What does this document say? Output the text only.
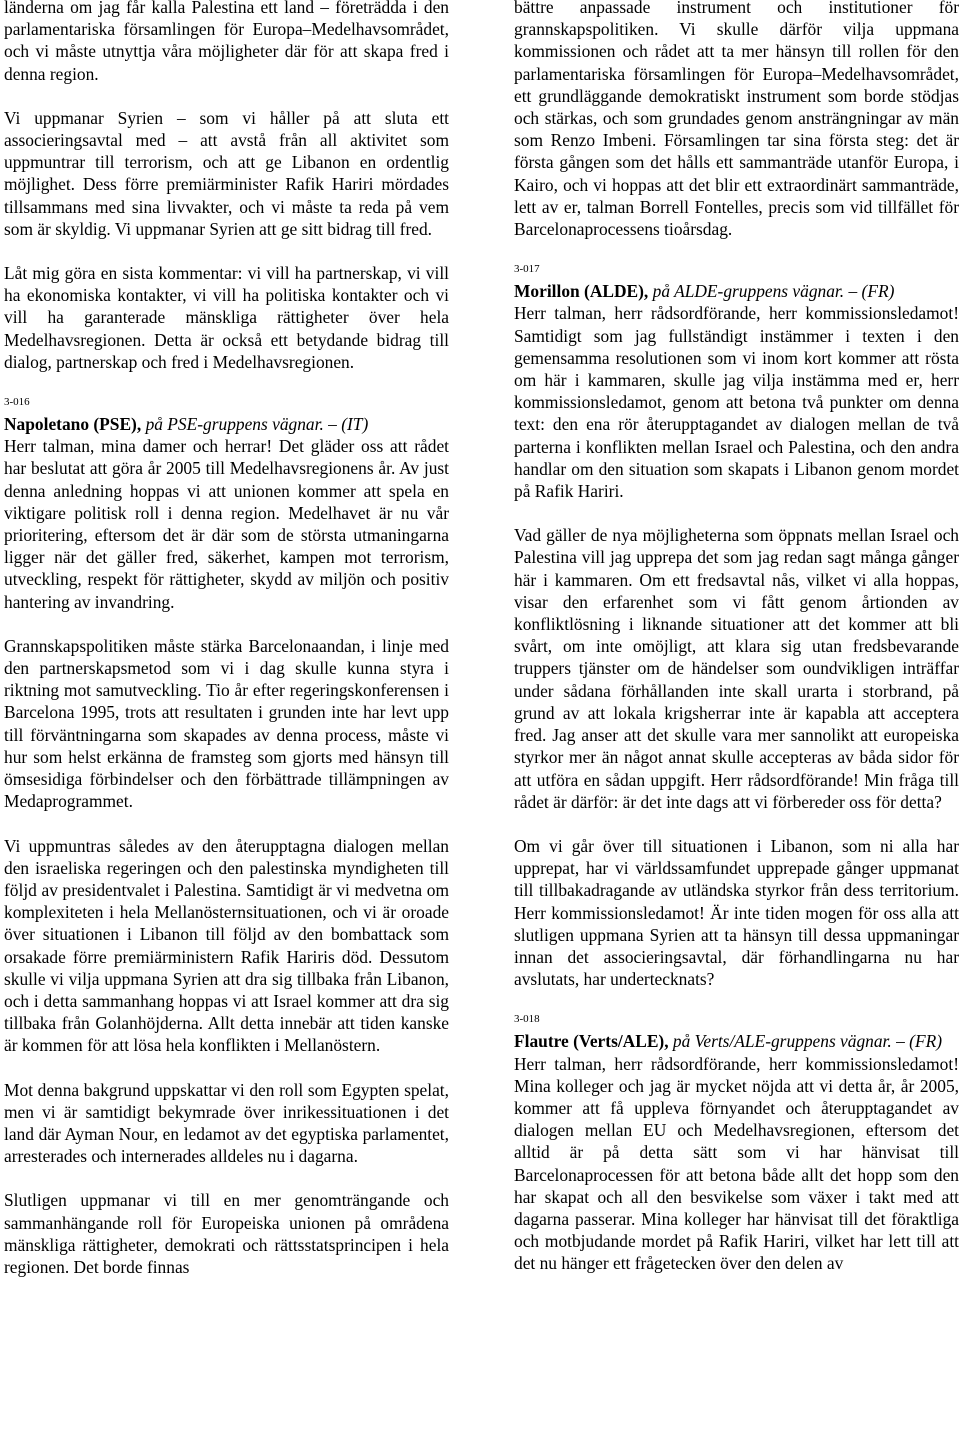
länderna om jag får kalla Palestina ett land – företrädda i den parlamentariska församlingen för Europa–Medelhavsområdet, och vi måste utnyttja våra möjligheter där för att skapa fred i denna region.

Vi uppmanar Syrien – som vi håller på att sluta ett associeringsavtal med – att avstå från all aktivitet som uppmuntrar till terrorism, och att ge Libanon en ordentlig möjlighet. Dess förre premiärminister Rafik Hariri mördades tillsammans med sina livvakter, och vi måste ta reda på vem som är skyldig. Vi uppmanar Syrien att ge sitt bidrag till fred.

Låt mig göra en sista kommentar: vi vill ha partnerskap, vi vill ha ekonomiska kontakter, vi vill ha politiska kontakter och vi vill ha garanterade mänskliga rättigheter över hela Medelhavsregionen. Detta är också ett betydande bidrag till dialog, partnerskap och fred i Medelhavsregionen.

3-016

Napoletano (PSE), på PSE-gruppens vägnar. – (IT)

Herr talman, mina damer och herrar! Det gläder oss att rådet har beslutat att göra år 2005 till Medelhavsregionens år. Av just denna anledning hoppas vi att unionen kommer att spela en viktigare politisk roll i denna region. Medelhavet är nu vår prioritering, eftersom det är där som de största utmaningarna ligger när det gäller fred, säkerhet, kampen mot terrorism, utveckling, respekt för rättigheter, skydd av miljön och positiv hantering av invandring.

Grannskapspolitiken måste stärka Barcelonaandan, i linje med den partnerskapsmetod som vi i dag skulle kunna styra i riktning mot samutveckling. Tio år efter regeringskonferensen i Barcelona 1995, trots att resultaten i grunden inte har levt upp till förväntningarna som skapades av denna process, måste vi hur som helst erkänna de framsteg som gjorts med hänsyn till ömsesidiga förbindelser och den förbättrade tillämpningen av Medaprogrammet.

Vi uppmuntras således av den återupptagna dialogen mellan den israeliska regeringen och den palestinska myndigheten till följd av presidentvalet i Palestina. Samtidigt är vi medvetna om komplexiteten i hela Mellanösternsituationen, och vi är oroade över situationen i Libanon till följd av den bombattack som orsakade förre premiärministern Rafik Hariris död. Dessutom skulle vi vilja uppmana Syrien att dra sig tillbaka från Libanon, och i detta sammanhang hoppas vi att Israel kommer att dra sig tillbaka från Golanhöjderna. Allt detta innebär att tiden kanske är kommen för att lösa hela konflikten i Mellanöstern.

Mot denna bakgrund uppskattar vi den roll som Egypten spelat, men vi är samtidigt bekymrade över inrikessituationen i det land där Ayman Nour, en ledamot av det egyptiska parlamentet, arresterades och internerades alldeles nu i dagarna.

Slutligen uppmanar vi till en mer genomträngande och sammanhängande roll för Europeiska unionen på områdena mänskliga rättigheter, demokrati och rättsstatsprincipen i hela regionen. Det borde finnas

bättre anpassade instrument och institutioner för grannskapspolitiken. Vi skulle därför vilja uppmana kommissionen och rådet att ta mer hänsyn till rollen för den parlamentariska församlingen för Europa–Medelhavsområdet, ett grundläggande demokratiskt instrument som borde stödjas och stärkas, och som grundades genom ansträngningar av män som Renzo Imbeni. Församlingen tar sina första steg: det är första gången som det hålls ett sammanträde utanför Europa, i Kairo, och vi hoppas att det blir ett extraordinärt sammanträde, lett av er, talman Borrell Fontelles, precis som vid tillfället för Barcelonaprocessens tioårsdag.

3-017

Morillon (ALDE), på ALDE-gruppens vägnar. – (FR)

Herr talman, herr rådsordförande, herr kommissionsledamot! Samtidigt som jag fullständigt instämmer i texten i den gemensamma resolutionen som vi inom kort kommer att rösta om här i kammaren, skulle jag vilja instämma med er, herr kommissionsledamot, genom att betona två punkter om denna text: den ena rör återupptagandet av dialogen mellan de två parterna i konflikten mellan Israel och Palestina, och den andra handlar om den situation som skapats i Libanon genom mordet på Rafik Hariri.

Vad gäller de nya möjligheterna som öppnats mellan Israel och Palestina vill jag upprepa det som jag redan sagt många gånger här i kammaren. Om ett fredsavtal nås, vilket vi alla hoppas, visar den erfarenhet som vi fått genom årtionden av konfliktlösning i liknande situationer att det kommer att bli svårt, om inte omöjligt, att klara sig utan fredsbevarande truppers tjänster om de händelser som oundvikligen inträffar under sådana förhållanden inte skall urarta i storbrand, på grund av att lokala krigsherrar inte är kapabla att acceptera fred. Jag anser att det skulle vara mer sannolikt att europeiska styrkor mer än något annat skulle accepteras av båda sidor för att utföra en sådan uppgift. Herr rådsordförande! Min fråga till rådet är därför: är det inte dags att vi förbereder oss för detta?

Om vi går över till situationen i Libanon, som ni alla har upprepat, har vi världssamfundet upprepade gånger uppmanat till tillbakadragande av utländska styrkor från dess territorium. Herr kommissionsledamot! Är inte tiden mogen för oss alla att slutligen uppmana Syrien att ta hänsyn till dessa uppmaningar innan det associeringsavtal, där förhandlingarna nu har avslutats, har undertecknats?

3-018

Flautre (Verts/ALE), på Verts/ALE-gruppens vägnar. – (FR)

Herr talman, herr rådsordförande, herr kommissionsledamot! Mina kolleger och jag är mycket nöjda att vi detta år, år 2005, kommer att få uppleva förnyandet och återupptagandet av dialogen mellan EU och Medelhavsregionen, eftersom det alltid är på detta sätt som vi har hänvisat till Barcelonaprocessen för att betona både allt det hopp som den har skapat och all den besvikelse som växer i takt med att dagarna passerar. Mina kolleger har hänvisat till det föraktliga och motbjudande mordet på Rafik Hariri, vilket har lett till att det nu hänger ett frågetecken över den delen av
